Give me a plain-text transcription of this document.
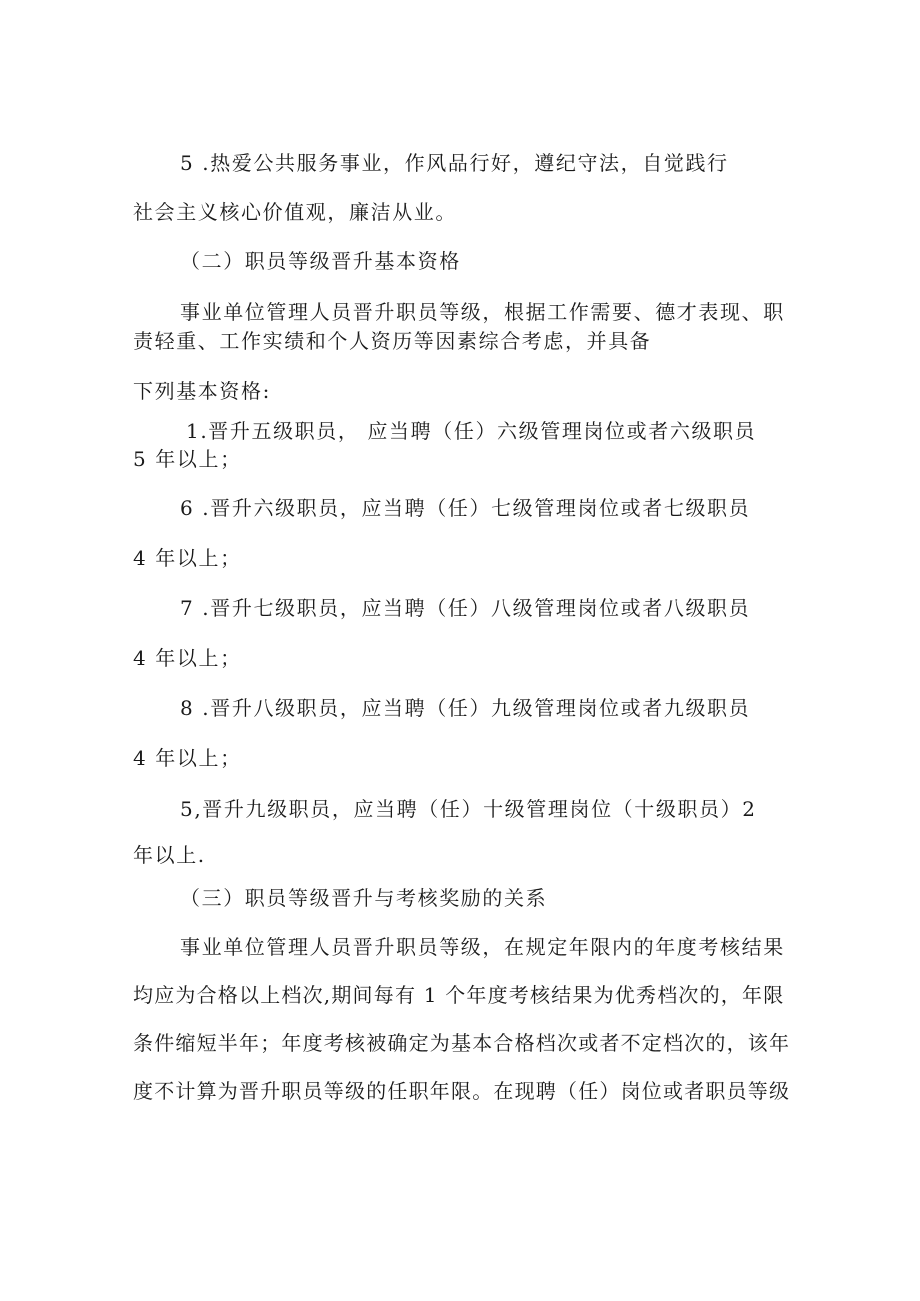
5 .热爱公共服务事业，作风品行好，遵纪守法，自觉践行

社会主义核心价值观，廉洁从业。

（二）职员等级晋升基本资格

事业单位管理人员晋升职员等级，根据工作需要、德才表现、职

责轻重、工作实绩和个人资历等因素综合考虑，并具备

下列基本资格:

1.晋升五级职员， 应当聘（任）六级管理岗位或者六级职员

5 年以上；

6 .晋升六级职员，应当聘（任）七级管理岗位或者七级职员

4 年以上；

7 .晋升七级职员，应当聘（任）八级管理岗位或者八级职员

4 年以上；

8 .晋升八级职员，应当聘（任）九级管理岗位或者九级职员

4 年以上；

5,晋升九级职员，应当聘（任）十级管理岗位（十级职员）2

年以上.

（三）职员等级晋升与考核奖励的关系

事业单位管理人员晋升职员等级，在规定年限内的年度考核结果

均应为合格以上档次,期间每有 1 个年度考核结果为优秀档次的，年限

条件缩短半年；年度考核被确定为基本合格档次或者不定档次的，该年

度不计算为晋升职员等级的任职年限。在现聘（任）岗位或者职员等级
